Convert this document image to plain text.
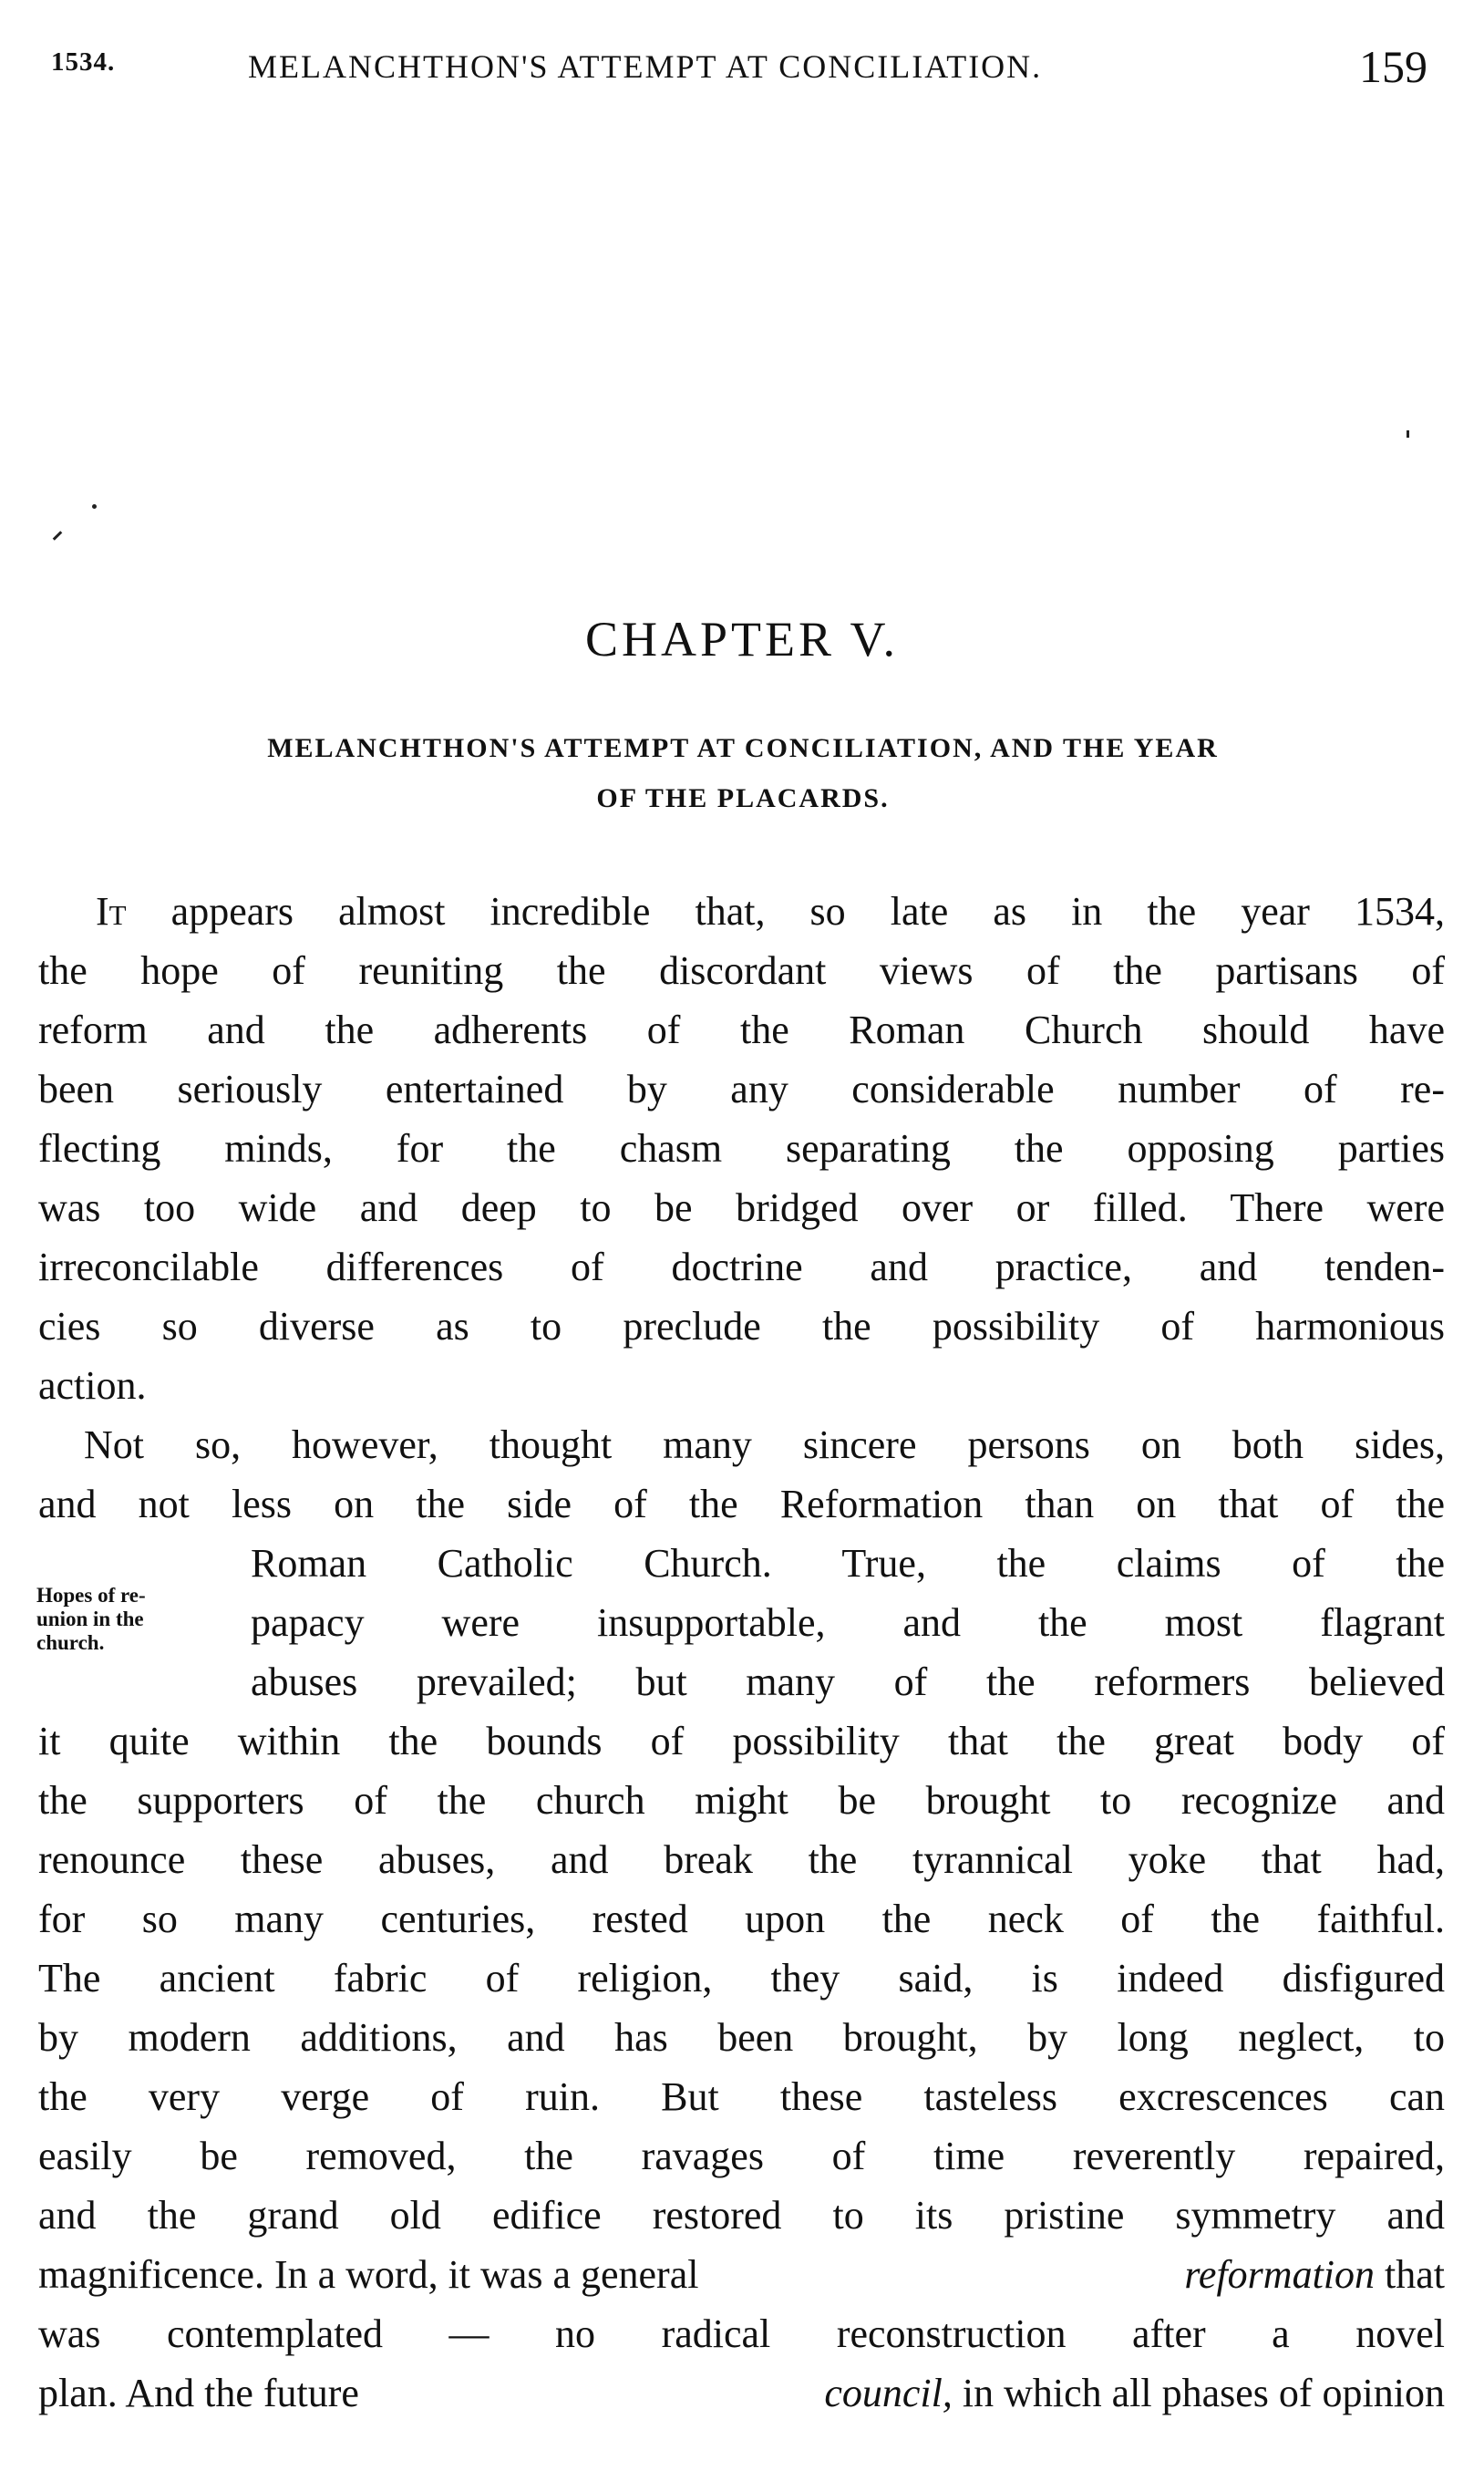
1534.	MELANCHTHON'S ATTEMPT AT CONCILIATION.	159
CHAPTER V.
MELANCHTHON'S ATTEMPT AT CONCILIATION, AND THE YEAR
OF THE PLACARDS.
It appears almost incredible that, so late as in the year 1534,
the hope of reuniting the discordant views of the partisans of
reform and the adherents of the Roman Church should have
been seriously entertained by any considerable number of re-
flecting minds, for the chasm separating the opposing parties
was too wide and deep to be bridged over or filled. There were
irreconcilable differences of doctrine and practice, and tenden-
cies so diverse as to preclude the possibility of harmonious
action.
Not so, however, thought many sincere persons on both sides,
and not less on the side of the Reformation than on that of the
Hopes of re-
union in the
church.
Roman Catholic Church. True, the claims of the
papacy were insupportable, and the most flagrant
abuses prevailed; but many of the reformers believed
it quite within the bounds of possibility that the great body of
the supporters of the church might be brought to recognize and
renounce these abuses, and break the tyrannical yoke that had,
for so many centuries, rested upon the neck of the faithful.
The ancient fabric of religion, they said, is indeed disfigured
by modern additions, and has been brought, by long neglect, to
the very verge of ruin. But these tasteless excrescences can
easily be removed, the ravages of time reverently repaired,
and the grand old edifice restored to its pristine symmetry and
magnificence. In a word, it was a general	reformation that
was contemplated — no radical reconstruction after a novel
plan. And the future	council, in which all phases of opinion
